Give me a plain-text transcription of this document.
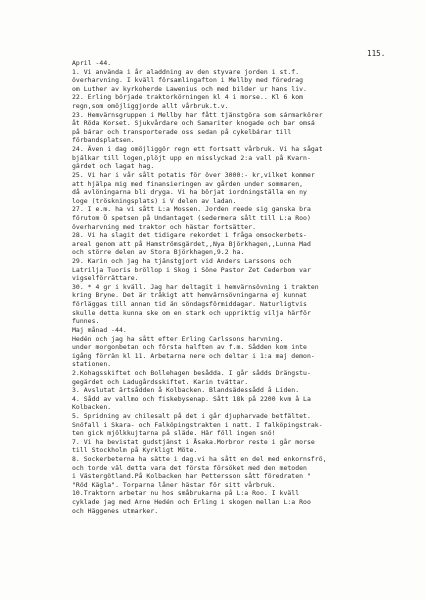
115.
April -44.
1. Vi använda i år aladdning av den styvare jorden i st.f.
överharvning. I kväll församlingafton i Mellby med föredrag
om Luther av kyrkoherde Lawenius och med bilder ur hans liv.
22. Erling började traktorkörningen kl 4 i morse.. Kl 6 kom
regn,som omöjliggjorde allt vårbruk.t.v.
23. Hemvärnsgruppen i Mellby har fått tjänstgöra som sármarkörer
åt Röda Korset. Sjukvårdare och Samariter knogade och bar omsá
på bárar och transporterade oss sedan på cykelbárar till
förbandsplatsen.
24. Även i dag omöjliggör regn ett fortsatt vårbruk. Vi ha sågat
bjälkar till logen,plöjt upp en misslyckad 2:a vall på Kvarn-
gärdet och lagat hag.
25. Vi har i vår sålt potatis för över 3000:- kr,vilket kommer
att hjälpa mig med finansieringen av gården under sommaren,
då avlöningarna bli dryga. Vi ha börjat iordningställa en ny
loge (tröskningsplats) i V delen av ladan.
27. I e.m. ha vi sått L:a Mossen. Jorden reede sig ganska bra
förutom Ö spetsen på Undantaget (sedermera sålt till L:a Roo)
överharvning med traktor och hästar fortsätter.
28. Vi ha slagit det tidigare rekordet i fråga omsockerbets-
areal genom att på Hamströmsgärdet,,Nya Björkhagen,,Lunna Mad
och större delen av Stora Björkhagen,9.2 ha.
29. Karin och jag ha tjänstgjort vid Anders Larssons och
Latrilja Tuoris bröllop i Skog i Söne Pastor Zet Cederbom var
vigselförrättare.
30. * 4 gr i kväll. Jag har deltagit i hemvärnsövning i trakten
kring Bryne. Det är tråkigt att hemvärnsövningarna ej kunnat
förläggas till annan tid än söndagsförmiddagar. Naturligtvis
skulle detta kunna ske om en stark och uppriktig vilja härför
funnes.
Maj månad -44.
Hedén och jag ha sått efter Erling Carlssons harvning.
under morgonbetan och första halften av f.m. Sådden kom inte
igång förrän kl 11. Arbetarna nere och deltar i 1:a maj demon-
stationen.
2.Kohagsskiftet och Bollehagen besådda. I går sådds Drängstu-
gegärdet och Ladugårdsskiftet. Karin tvättar.
3. Avslutat ärtsådden å Kolbacken. Blandsädessådd å Liden.
4. Sådd av vallmo och fiskebysenap. Sått 18k på 2200 kvm å La
Kolbacken.
5. Spridning av chilesalt på det i går djupharvade betfältet.
Snöfall i Skara- och Falköpingstrakten i natt. I falköpingstrak-
ten gick mjölkkujtarna på släde. Här föll ingen snö!
7. Vi ha bevistat gudstjänst i Åsaka.Morbror reste i går morse
till Stockholm på Kyrkligt Möte.
8. Sockerbeterna ha sätte i dag.vi ha sått en del med enkornsfrö,
och torde väl detta vara det första försöket med den metoden
i Västergötland.På Kolbacken har Pettersson sått föredraten "
"Röd Kägla". Torparna låner hästar för sitt vårbruk.
10.Traktorn arbetar nu hos småbrukarna på L:a Roo. I kväll
cyklade jag med Arne Hedén och Erling i skogen mellan L:a Roo
och Häggenes utmarker.
